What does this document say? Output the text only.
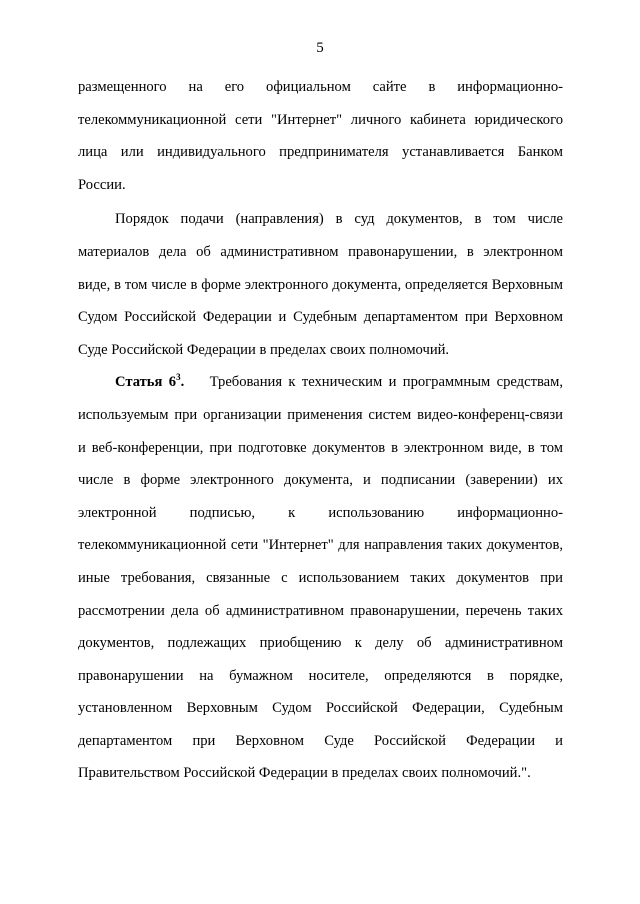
5

размещенного на его официальном сайте в информационно-телекоммуникационной сети "Интернет" личного кабинета юридического лица или индивидуального предпринимателя устанавливается Банком России.

Порядок подачи (направления) в суд документов, в том числе материалов дела об административном правонарушении, в электронном виде, в том числе в форме электронного документа, определяется Верховным Судом Российской Федерации и Судебным департаментом при Верховном Суде Российской Федерации в пределах своих полномочий.

Статья $6^3$. Требования к техническим и программным средствам, используемым при организации применения систем видео-конференц-связи и веб-конференции, при подготовке документов в электронном виде, в том числе в форме электронного документа, и подписании (заверении) их электронной подписью, к использованию информационно-телекоммуникационной сети "Интернет" для направления таких документов, иные требования, связанные с использованием таких документов при рассмотрении дела об административном правонарушении, перечень таких документов, подлежащих приобщению к делу об административном правонарушении на бумажном носителе, определяются в порядке, установленном Верховным Судом Российской Федерации, Судебным департаментом при Верховном Суде Российской Федерации и Правительством Российской Федерации в пределах своих полномочий.".
